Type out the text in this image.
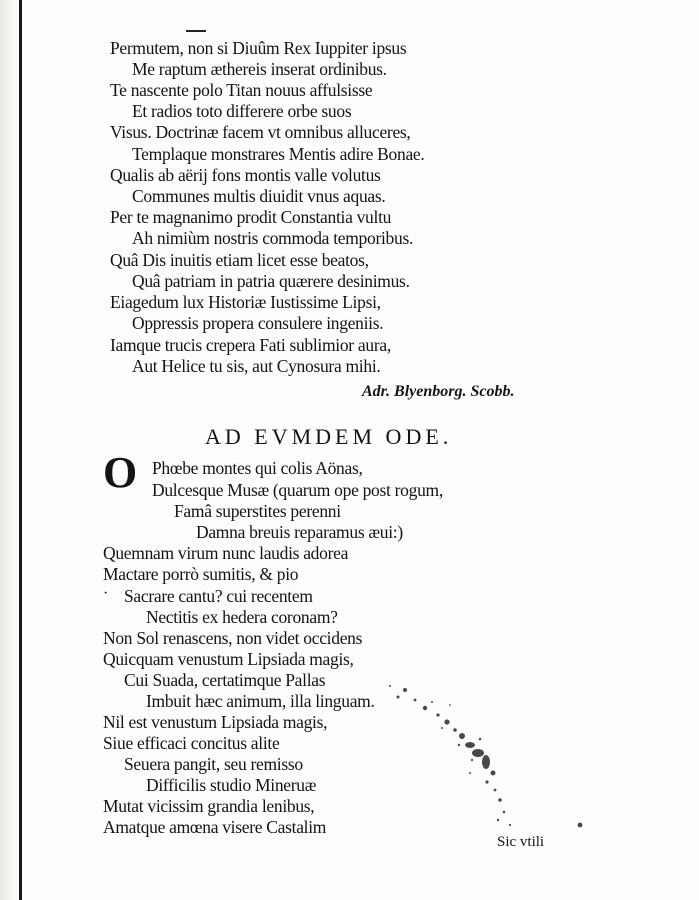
Permutem, non si Diuûm Rex Iuppiter ipsus
Me raptum æthereis inserat ordinibus.
Te nascente polo Titan nouus affulsisse
Et radios toto differere orbe suos
Visus. Doctrinæ facem vt omnibus alluceres,
Templaque monstrares Mentis adire Bonae.
Qualis ab aërij fons montis valle volutus
Communes multis diuidit vnus aquas.
Per te magnanimo prodit Constantia vultu
Ah nimiùm nostris commoda temporibus.
Quâ Dis inuitis etiam licet esse beatos,
Quâ patriam in patria quærere desinimus.
Eiagedum lux Historiæ Iustissime Lipsi,
Oppressis propera consulere ingeniis.
Iamque trucis crepera Fati sublimior aura,
Aut Helice tu sis, aut Cynosura mihi.
Adr. Blyenborg. Scobb.
AD EVMDEM ODE.
O Phœbe montes qui colis Aönas,
Dulcesque Musæ (quarum ope post rogum,
Famâ superstites perenni
Damna breuis reparamus æui:)
Quemnam virum nunc laudis adorea
Mactare porrò sumitis, & pio
· Sacrare cantu? cui recentem
Nectitis ex hedera coronam?
Non Sol renascens, non videt occidens
Quicquam venustum Lipsiada magis,
Cui Suada, certatimque Pallas
Imbuit hæc animum, illa linguam.
Nil est venustum Lipsiada magis,
Siue efficaci concitus alite
Seuera pangit, seu remisso
Difficilis studio Mineruæ
Mutat vicissim grandia lenibus,
Amatque amœna visere Castalim
Sic vtili
